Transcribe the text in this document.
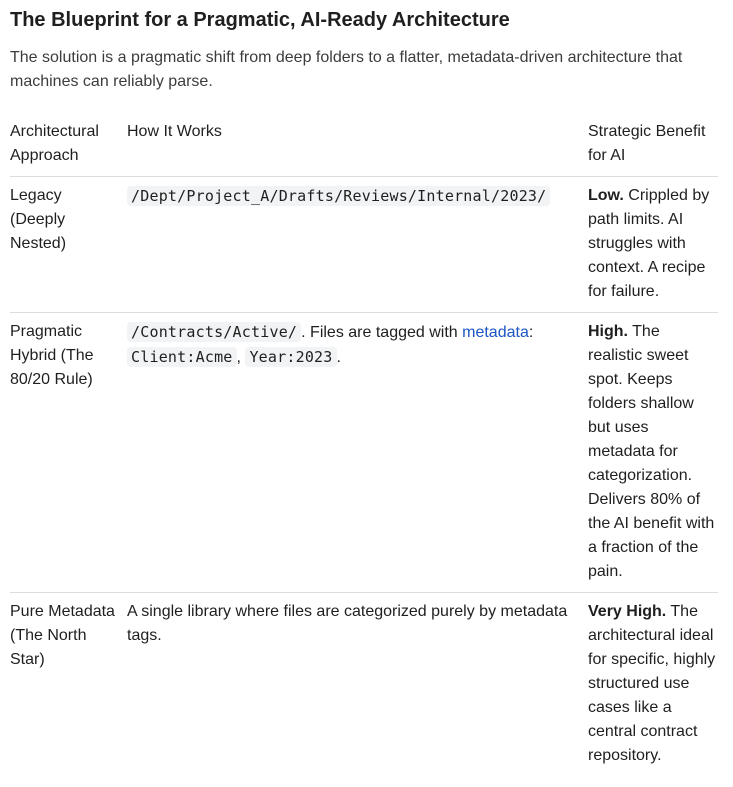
The Blueprint for a Pragmatic, AI-Ready Architecture

The solution is a pragmatic shift from deep folders to a flatter, metadata-driven architecture that machines can reliably parse.

Architectural Approach	How It Works	Strategic Benefit for AI
Legacy (Deeply Nested)	/Dept/Project_A/Drafts/Reviews/Internal/2023/	Low. Crippled by path limits. AI struggles with context. A recipe for failure.
Pragmatic Hybrid (The 80/20 Rule)	/Contracts/Active/ . Files are tagged with metadata: Client:Acme , Year:2023 .	High. The realistic sweet spot. Keeps folders shallow but uses metadata for categorization. Delivers 80% of the AI benefit with a fraction of the pain.
Pure Metadata (The North Star)	A single library where files are categorized purely by metadata tags.	Very High. The architectural ideal for specific, highly structured use cases like a central contract repository.
